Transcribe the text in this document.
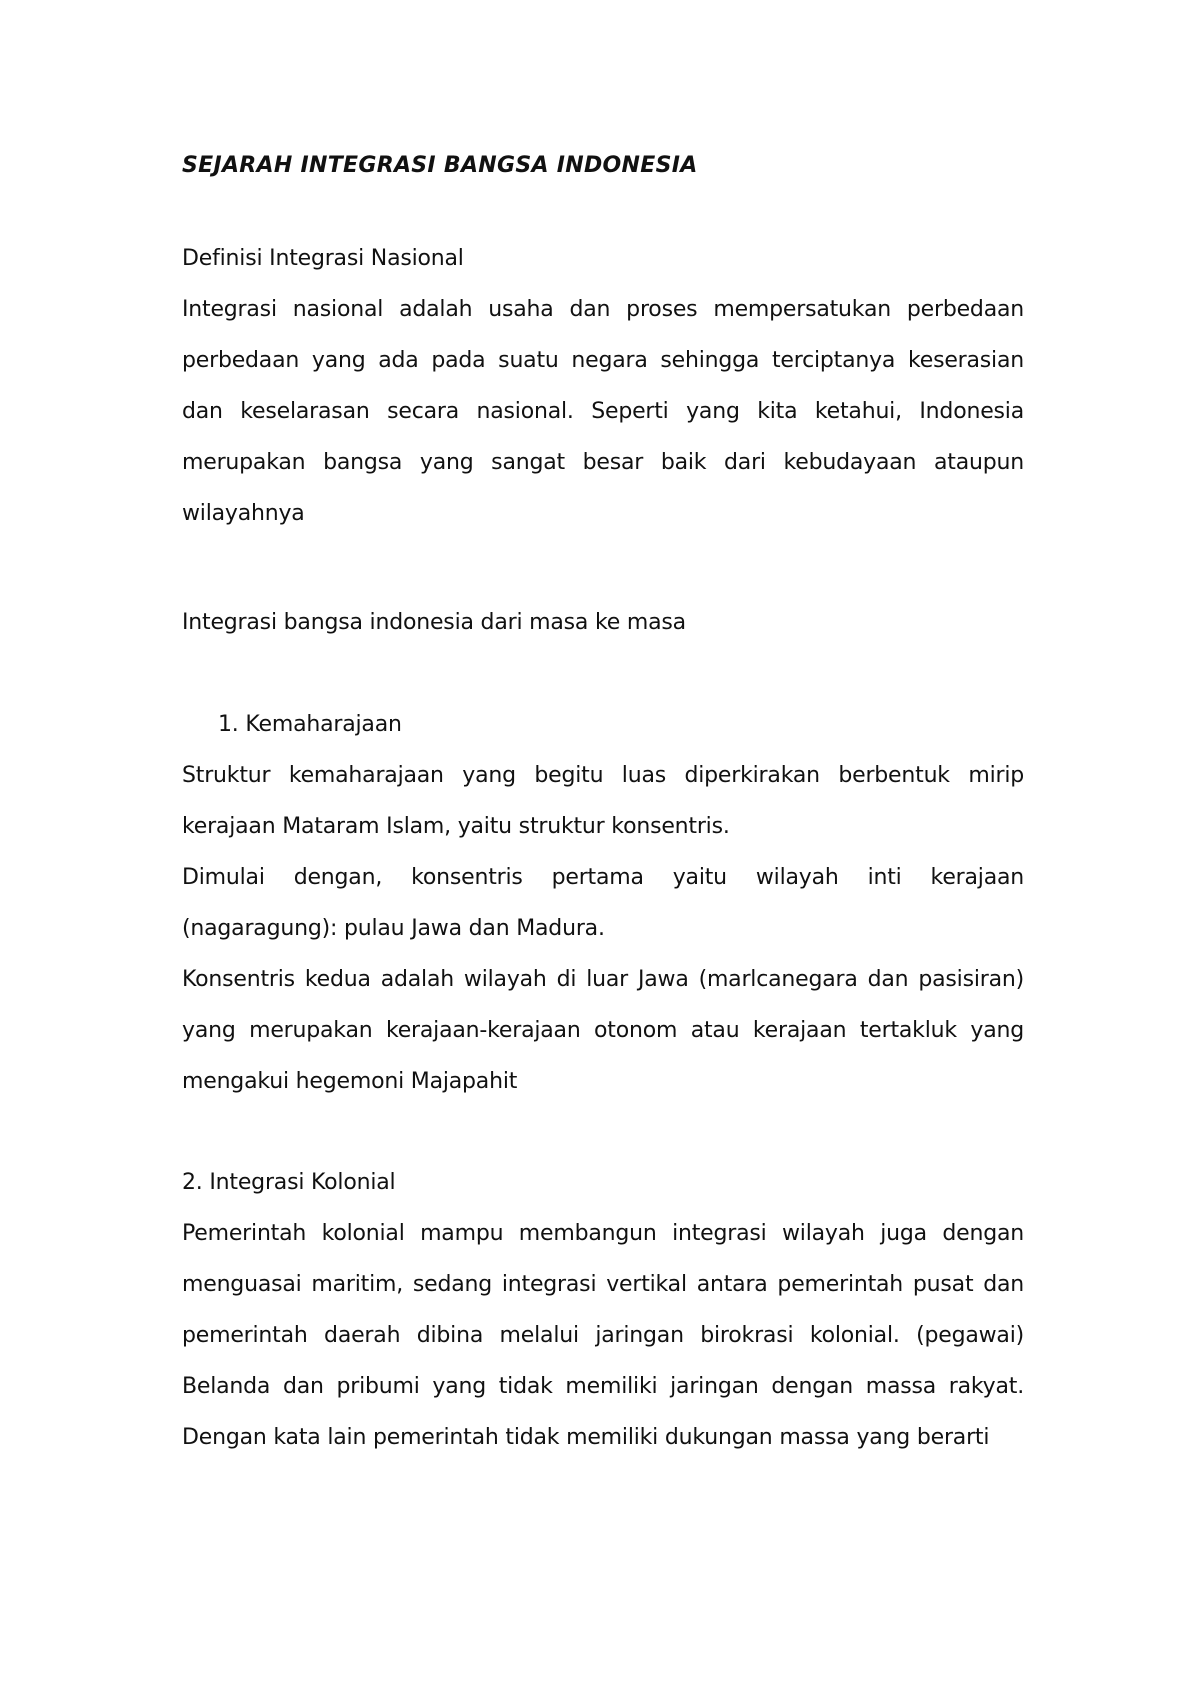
SEJARAH INTEGRASI BANGSA INDONESIA
Definisi Integrasi Nasional
Integrasi nasional adalah usaha dan proses mempersatukan perbedaan
perbedaan yang ada pada suatu negara sehingga terciptanya keserasian
dan keselarasan secara nasional. Seperti yang kita ketahui, Indonesia
merupakan bangsa yang sangat besar baik dari kebudayaan ataupun
wilayahnya
Integrasi bangsa indonesia dari masa ke masa
1. Kemaharajaan
Struktur kemaharajaan yang begitu luas diperkirakan berbentuk mirip
kerajaan Mataram Islam, yaitu struktur konsentris.
Dimulai dengan, konsentris pertama yaitu wilayah inti kerajaan
(nagaragung): pulau Jawa dan Madura.
Konsentris kedua adalah wilayah di luar Jawa (marlcanegara dan pasisiran)
yang merupakan kerajaan-kerajaan otonom atau kerajaan tertakluk yang
mengakui hegemoni Majapahit
2. Integrasi Kolonial
Pemerintah kolonial mampu membangun integrasi wilayah juga dengan
menguasai maritim, sedang integrasi vertikal antara pemerintah pusat dan
pemerintah daerah dibina melalui jaringan birokrasi kolonial. (pegawai)
Belanda dan pribumi yang tidak memiliki jaringan dengan massa rakyat.
Dengan kata lain pemerintah tidak memiliki dukungan massa yang berarti
